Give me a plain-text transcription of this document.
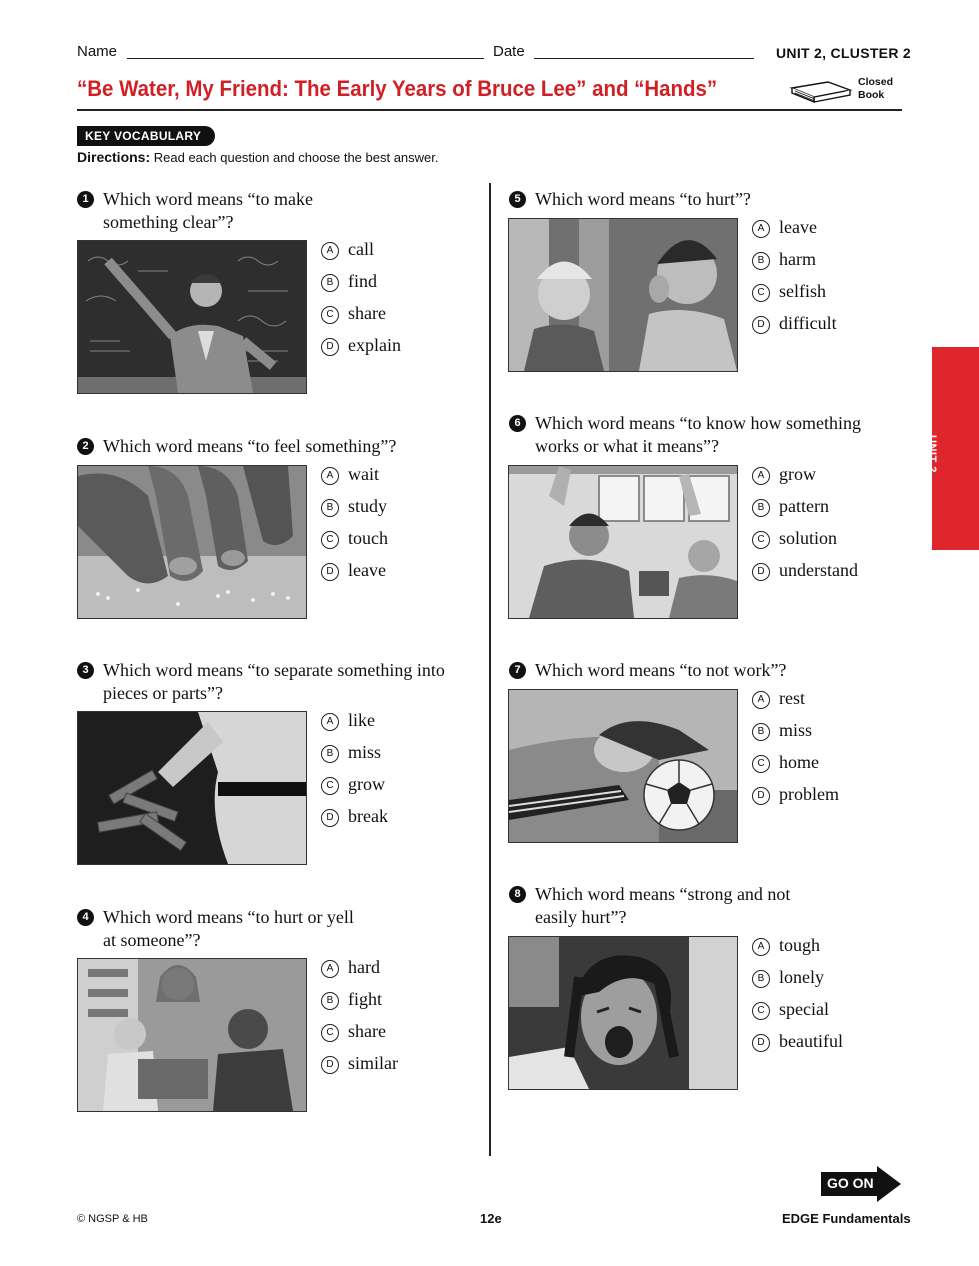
Name	Date	UNIT 2, CLUSTER 2
“Be Water, My Friend: The Early Years of Bruce Lee” and “Hands”	Closed
Book
KEY VOCABULARY
Directions: Read each question and choose the best answer.
UNIT 2
1 Which word means “to make
something clear”?
A call
B find
C share
D explain
2 Which word means “to feel something”?
A wait
B study
C touch
D leave
3 Which word means “to separate something into
pieces or parts”?
A like
B miss
C grow
D break
4 Which word means “to hurt or yell
at someone”?
A hard
B fight
C share
D similar
5 Which word means “to hurt”?
A leave
B harm
C selfish
D difficult
6 Which word means “to know how something
works or what it means”?
A grow
B pattern
C solution
D understand
7 Which word means “to not work”?
A rest
B miss
C home
D problem
8 Which word means “strong and not
easily hurt”?
A tough
B lonely
C special
D beautiful
GO ON
© NGSP & HB	12e	EDGE Fundamentals
